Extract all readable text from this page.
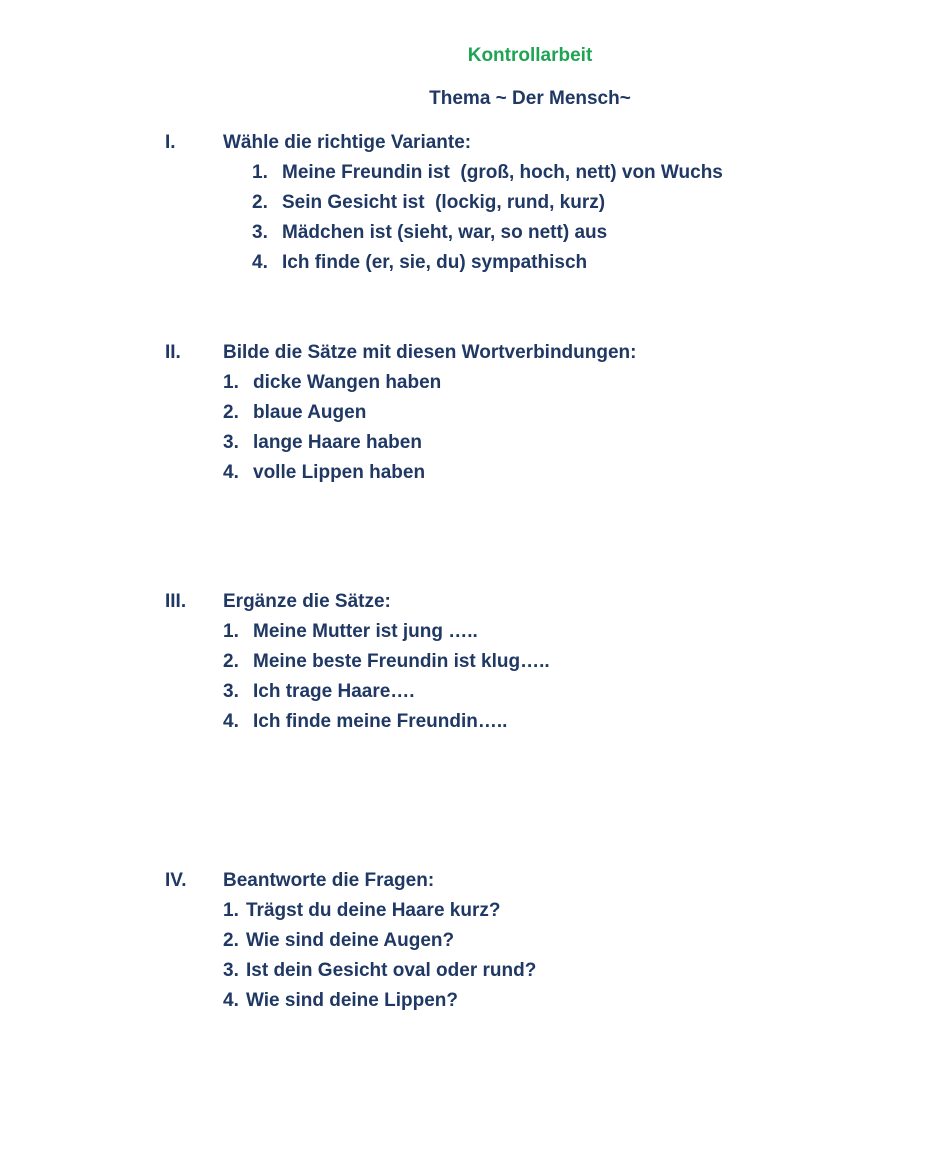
Kontrollarbeit
Thema ~ Der Mensch~
I. Wähle die richtige Variante:
1. Meine Freundin ist  (groß, hoch, nett) von Wuchs
2. Sein Gesicht ist  (lockig, rund, kurz)
3. Mädchen ist (sieht, war, so nett) aus
4. Ich finde (er, sie, du) sympathisch
II. Bilde die Sätze mit diesen Wortverbindungen:
1. dicke Wangen haben
2. blaue Augen
3. lange Haare haben
4. volle Lippen haben
III. Ergänze die Sätze:
1. Meine Mutter ist jung …..
2. Meine beste Freundin ist klug…..
3. Ich trage Haare….
4. Ich finde meine Freundin…..
IV. Beantworte die Fragen:
1. Trägst du deine Haare kurz?
2. Wie sind deine Augen?
3. Ist dein Gesicht oval oder rund?
4. Wie sind deine Lippen?
